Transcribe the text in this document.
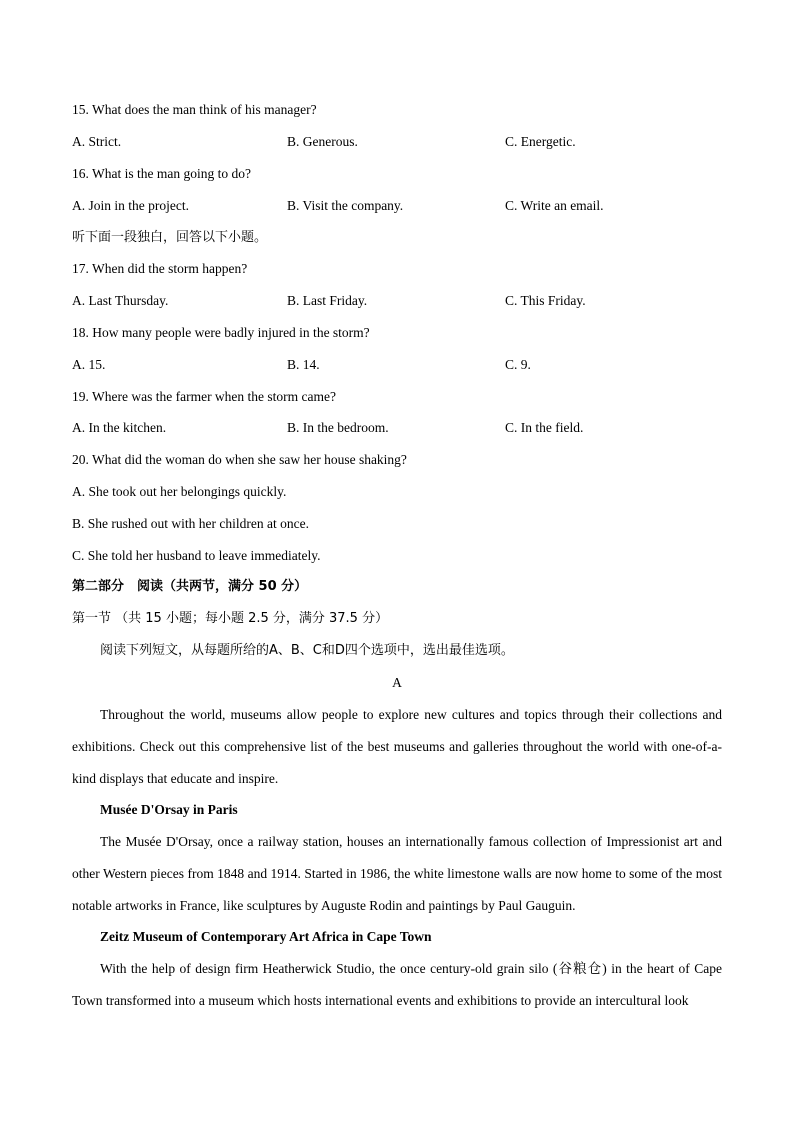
15. What does the man think of his manager?
A. Strict.	B. Generous.	C. Energetic.
16. What is the man going to do?
A. Join in the project.	B. Visit the company.	C. Write an email.
听下面一段独白，回答以下小题。
17. When did the storm happen?
A. Last Thursday.	B. Last Friday.	C. This Friday.
18. How many people were badly injured in the storm?
A. 15.	B. 14.	C. 9.
19. Where was the farmer when the storm came?
A. In the kitchen.	B. In the bedroom.	C. In the field.
20. What did the woman do when she saw her house shaking?
A. She took out her belongings quickly.
B. She rushed out with her children at once.
C. She told her husband to leave immediately.
第二部分　阅读（共两节，满分 50 分）
第一节 （共 15 小题；每小题 2.5 分，满分 37.5 分）
阅读下列短文，从每题所给的A、B、C和D四个选项中，选出最佳选项。
A
Throughout the world, museums allow people to explore new cultures and topics through their collections and exhibitions. Check out this comprehensive list of the best museums and galleries throughout the world with one-of-a-kind displays that educate and inspire.
Musée D'Orsay in Paris
The Musée D'Orsay, once a railway station, houses an internationally famous collection of Impressionist art and other Western pieces from 1848 and 1914. Started in 1986, the white limestone walls are now home to some of the most notable artworks in France, like sculptures by Auguste Rodin and paintings by Paul Gauguin.
Zeitz Museum of Contemporary Art Africa in Cape Town
With the help of design firm Heatherwick Studio, the once century-old grain silo (谷粮仓) in the heart of Cape Town transformed into a museum which hosts international events and exhibitions to provide an intercultural look
